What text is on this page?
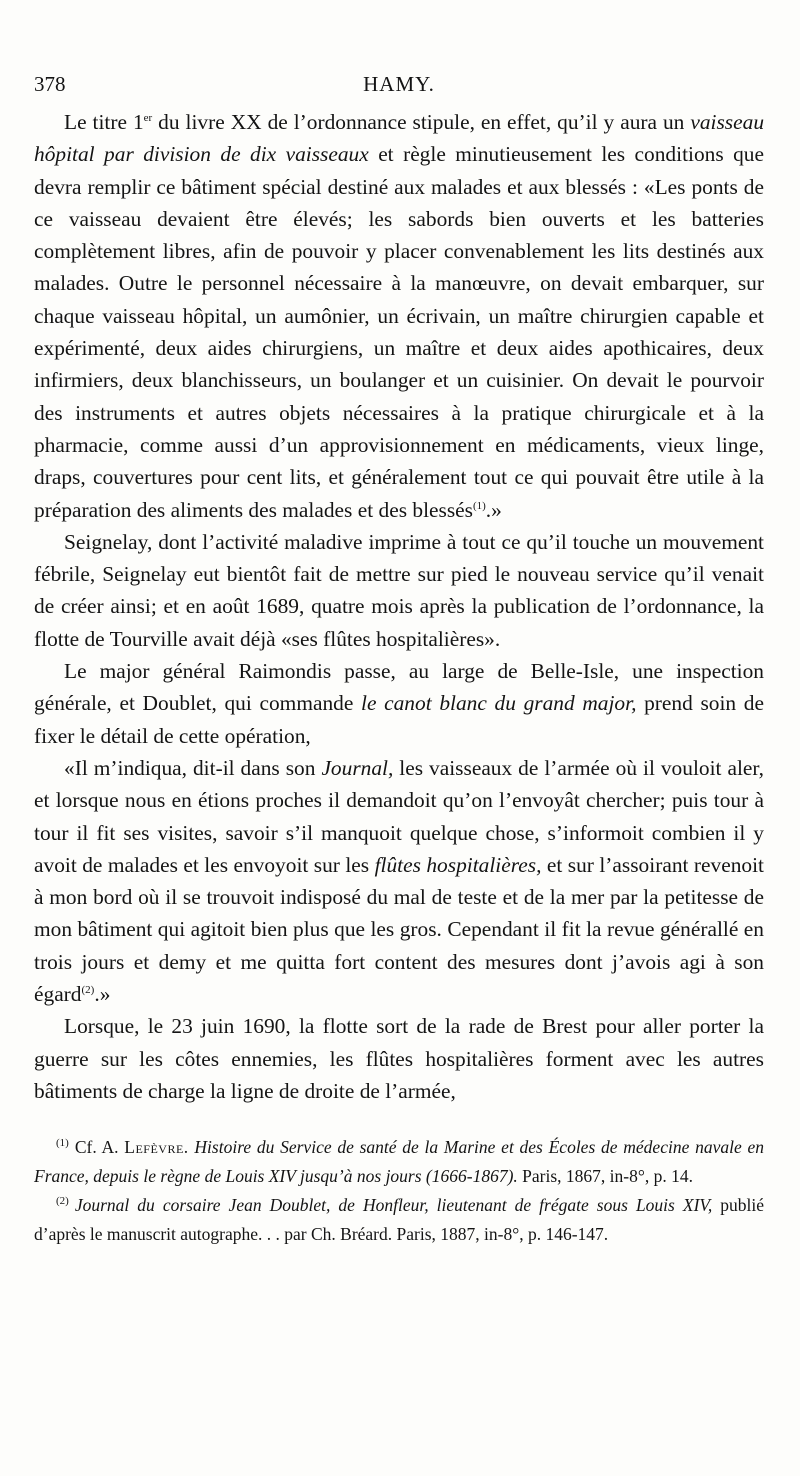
378	HAMY.

Le titre 1er du livre XX de l’ordonnance stipule, en effet, qu’il y aura un vaisseau hôpital par division de dix vaisseaux et règle minutieusement les conditions que devra remplir ce bâtiment spécial destiné aux malades et aux blessés : «Les ponts de ce vaisseau devaient être élevés; les sabords bien ouverts et les batteries complètement libres, afin de pouvoir y placer convenablement les lits destinés aux malades. Outre le personnel nécessaire à la manœuvre, on devait embarquer, sur chaque vaisseau hôpital, un aumônier, un écrivain, un maître chirurgien capable et expérimenté, deux aides chirurgiens, un maître et deux aides apothicaires, deux infirmiers, deux blanchisseurs, un boulanger et un cuisinier. On devait le pourvoir des instruments et autres objets nécessaires à la pratique chirurgicale et à la pharmacie, comme aussi d’un approvisionnement en médicaments, vieux linge, draps, couvertures pour cent lits, et généralement tout ce qui pouvait être utile à la préparation des aliments des malades et des blessés$^{(1)}$.»

Seignelay, dont l’activité maladive imprime à tout ce qu’il touche un mouvement fébrile, Seignelay eut bientôt fait de mettre sur pied le nouveau service qu’il venait de créer ainsi; et en août 1689, quatre mois après la publication de l’ordonnance, la flotte de Tourville avait déjà «ses flûtes hospitalières».

Le major général Raimondis passe, au large de Belle-Isle, une inspection générale, et Doublet, qui commande le canot blanc du grand major, prend soin de fixer le détail de cette opération,

«Il m’indiqua, dit-il dans son Journal, les vaisseaux de l’armée où il vouloit aler, et lorsque nous en étions proches il demandoit qu’on l’envoyât chercher; puis tour à tour il fit ses visites, savoir s’il manquoit quelque chose, s’informoit combien il y avoit de malades et les envoyoit sur les flûtes hospitalières, et sur l’assoirant revenoit à mon bord où il se trouvoit indisposé du mal de teste et de la mer par la petitesse de mon bâtiment qui agitoit bien plus que les gros. Cependant il fit la revue générallé en trois jours et demy et me quitta fort content des mesures dont j’avois agi à son égard$^{(2)}$.»

Lorsque, le 23 juin 1690, la flotte sort de la rade de Brest pour aller porter la guerre sur les côtes ennemies, les flûtes hospitalières forment avec les autres bâtiments de charge la ligne de droite de l’armée,

$^{(1)}$ Cf. A. Lefèvre. Histoire du Service de santé de la Marine et des Écoles de médecine navale en France, depuis le règne de Louis XIV jusqu’à nos jours (1666-1867). Paris, 1867, in-8°, p. 14.

$^{(2)}$ Journal du corsaire Jean Doublet, de Honfleur, lieutenant de frégate sous Louis XIV, publié d’après le manuscrit autographe. . . par Ch. Bréard. Paris, 1887, in-8°, p. 146-147.
